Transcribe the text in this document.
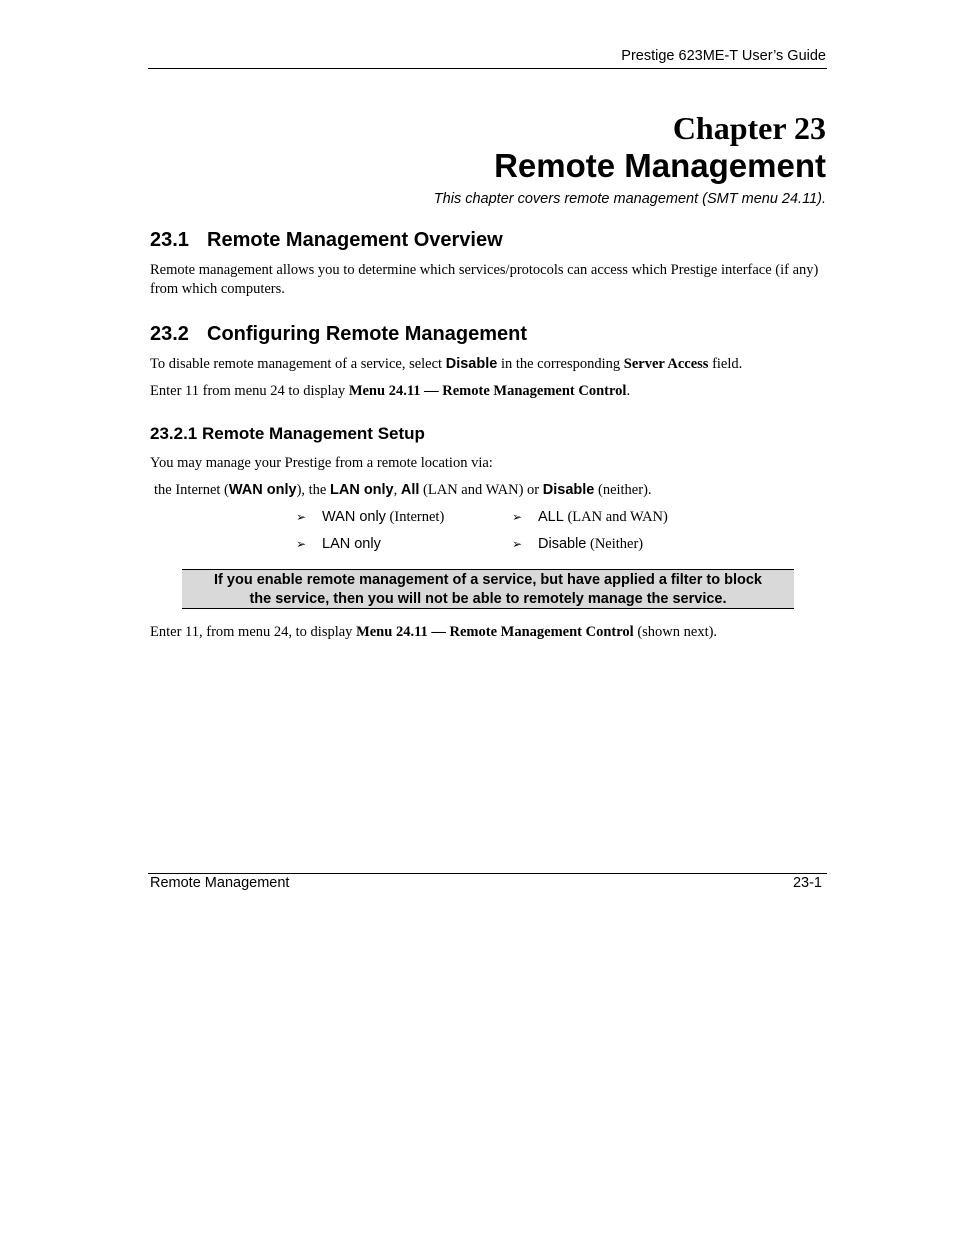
Prestige 623ME-T User’s Guide
Chapter 23
Remote Management
This chapter covers remote management (SMT menu 24.11).
23.1 Remote Management Overview
Remote management allows you to determine which services/protocols can access which Prestige interface (if any) from which computers.
23.2 Configuring Remote Management
To disable remote management of a service, select Disable in the corresponding Server Access field.
Enter 11 from menu 24 to display Menu 24.11 — Remote Management Control.
23.2.1 Remote Management Setup
You may manage your Prestige from a remote location via:
the Internet (WAN only), the LAN only, All (LAN and WAN) or Disable (neither).
➢ WAN only (Internet)	➢ ALL (LAN and WAN)
➢ LAN only	➢ Disable (Neither)
If you enable remote management of a service, but have applied a filter to block
the service, then you will not be able to remotely manage the service.
Enter 11, from menu 24, to display Menu 24.11 — Remote Management Control (shown next).
Remote Management	23-1
